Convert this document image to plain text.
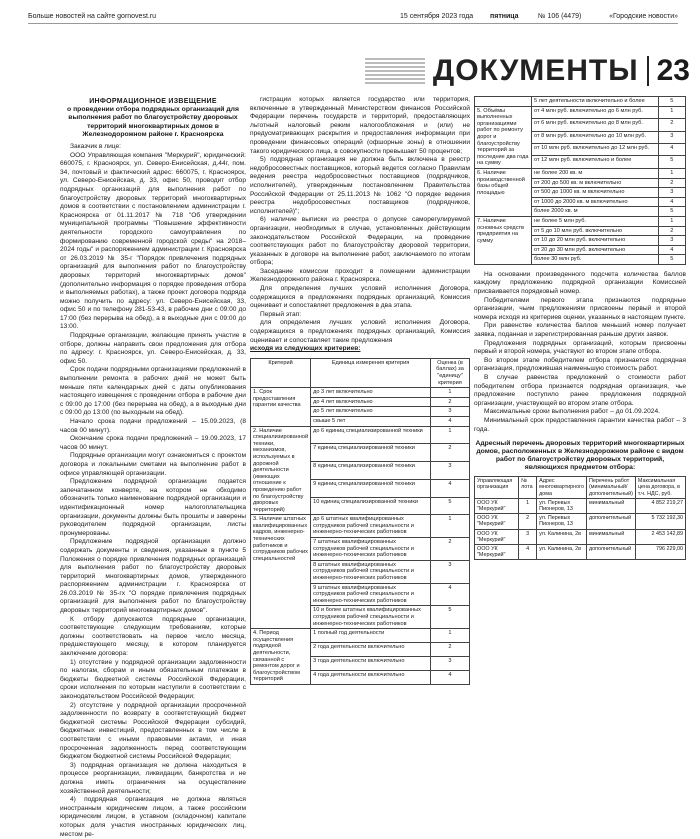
Больше новостей на сайте gornovest.ru	15 сентября 2023 года	пятница	№ 106 (4479)	«Городские новости»
ДОКУМЕНТЫ 23
ИНФОРМАЦИОННОЕ ИЗВЕЩЕНИЕ
о проведении отбора подрядных организаций для выполнения работ по благоустройству дворовых территорий многоквартирных домов в Железнодорожном районе г. Красноярска

Заказчик в лице:

ООО Управляющая компания "Меркурий", юридический: 660075, г. Красноярск, ул. Северо-Енисейская, д.44г, пом. 34, почтовый и фактический адрес: 660075, г. Красноярск, ул. Северо-Енисейская, д. 33, офис 50, проводит отбор подрядных организаций для выполнения работ по благоустройству дворовых территорий многоквартирных домов в соответствии с постановлением администрации г. Красноярска от 01.11.2017 № 718 "Об утверждении муниципальной программы "Повышение эффективности деятельности городского самоуправления по формированию современной городской среды" на 2018–2024 годы" и распоряжением администрации г. Красноярска от 26.03.2019 № 35-г "Порядок привлечения подрядных организаций для выполнения работ по благоустройству дворовых территорий многоквартирных домов" (дополнительно информация о порядке проведения отбора и выполняемых работах), а также проект договора подряда можно получить по адресу: ул. Северо-Енисейская, 33, офис 50 и по телефону 281-53-43, в рабочие дни с 09:00 до 17:00 (без перерыва на обед), а в выходные дни с 09:00 до 13:00.

Подрядные организации, желающие принять участие в отборе, должны направить свои предложения для отбора по адресу: г. Красноярск, ул. Северо-Енисейская, д. 33, офис 50.

Срок подачи подрядными организациями предложений в выполнении ремонта в рабочих дней не может быть меньше пяти календарных дней с даты опубликования настоящего извещения с проведении отбора в рабочие дни с 09:00 до 17:00 (без перерыва на обед), а в выходные дни с 09:00 до 13:00 (по выходным на обед).

Начало срока подачи предложений – 15.09.2023, (8 часов 00 минут).

Окончание срока подачи предложений – 19.09.2023, 17 часов 00 минут.

Подрядные организации могут ознакомиться с проектом договора и локальными сметами на выполнение работ в офисе управляющей организации.

Предложение подрядной организации подается запечатанном конверте, на котором не обходимо обозначить только наименование подрядной организации и идентификационный номер налогоплательщика организации, документы должны быть прошиты и заверены руководителем подрядной организации, листы пронумерованы.

Предложение подрядной организации должно содержать документы и сведения, указанные в пункте 5 Положения о порядке привлечения подрядных организаций для выполнения работ по благоустройству дворовых территорий многоквартирных домов, утвержденного распоряжением администрации г. Красноярска от 26.03.2019 № 35-гх "О порядке привлечения подрядных организаций для выполнения работ по благоустройству дворовых территорий многоквартирных домов".

К отбору допускаются подрядные организации, соответствующие следующим требованиям, которые должны соответствовать на первое число месяца, предшествующего месяцу, в котором планируется заключение договора:

1) отсутствие у подрядной организации задолженности по налогам, сборам и иным обязательным платежам в бюджеты бюджетной системы Российской Федерации, сроки исполнения по которым наступили в соответствии с законодательством Российской Федерации;

2) отсутствие у подрядной организации просроченной задолженности по возврату в соответствующий бюджет бюджетной системы Российской Федерации субсидий, бюджетных инвестиций, предоставленных в том числе в соответствии с иными правовыми актами, и иная просроченная задолженность перед соответствующим бюджетом бюджетной системы Российской Федерации;

3) подрядная организация не должна находиться в процессе реорганизации, ликвидации, банкротства и не должна иметь ограничения на осуществление хозяйственной деятельности;

4) подрядная организация не должна являться иностранным юридическим лицом, а также российским юридическим лицом, в уставном (складочном) капитале которых доля участия иностранных юридических лиц, местом ре-

гистрации которых является государство или территория, включенные в утвержденный Министерством финансов Российской Федерации перечень государств и территорий, предоставляющих льготный налоговый режим налогообложения и (или) не предусматривающих раскрытия и предоставления информации при проведении финансовых операций (офшорные зоны) в отношении такого юридического лица, в совокупности превышает 50 процентов;

5) подрядная организация не должна быть включена в реестр недобросовестных поставщиков, который ведется согласно Правилам ведения реестра недобросовестных поставщиков (подрядчиков, исполнителей), утвержденным постановлением Правительства Российской Федерации от 25.11.2013 № 1062 "О порядке ведения реестра недобросовестных поставщиков (подрядчиков, исполнителей)";

6) наличие выписки из реестра о допуске саморегулируемой организации, необходимых в случае, установленных действующим законодательством Российской Федерации, на проведение соответствующих работ по благоустройству дворовой территории, указанных в договоре на выполнение работ, заключаемого по итогам отбора;

Заседание комиссии проходит в помещении администрации Железнодорожного района г. Красноярска.

Для определения лучших условий исполнения Договора, содержащихся в предложениях подрядных организаций, Комиссия оценивает и сопоставляет предложения в два этапа.

Первый этап:

для определения лучших условий исполнения Договора, содержащихся в предложениях подрядных организаций, Комиссия оценивает и сопоставляет такие предложения

исходя из следующих критериев:

Критерий	Единица измерения критерия	Оценка (в баллах) за "единицу" критерия
1. Срок предоставления гарантии качества	до 3 лет включительно	1
	до 4 лет включительно	2
	до 5 лет включительно	3
	свыше 5 лет	4
2. Наличие специализированной техники, механизмов, используемых в дорожной деятельности (имеющих отношение к проведению работ по благоустройству дворовых территорий)	до 6 единиц специализированной техники	1
	7 единиц специализированной техники	2
	8 единиц специализированной техники	3
	9 единиц специализированной техники	4
	10 единиц специализированной техники	5
3. Наличие штатных квалифицированных кадров, инженерно-технических работников и сотрудников рабочих специальностей	до 6 штатных квалифицированных сотрудников рабочей специальности и инженерно-технических работников	1
	7 штатных квалифицированных сотрудников рабочей специальности и инженерно-технических работников	2
	8 штатных квалифицированных сотрудников рабочей специальности и инженерно-технических работников	3
	9 штатных квалифицированных сотрудников рабочей специальности и инженерно-технических работников	4
	10 и более штатных квалифицированных сотрудников рабочей специальности и инженерно-технических работников	5
4. Период осуществления подрядной деятельности, связанной с ремонтом дорог и благоустройством территорий	1 полный год деятельности	1
	2 года деятельности включительно	2
	3 года деятельности включительно	3
	4 года деятельности включительно	4
	5 лет деятельности включительно и более	5
5. Объёмы выполненных организациями работ по ремонту дорог и благоустройству территорий за последние два года на сумму	от 4 млн руб. включительно до 6 млн руб.	1
	от 6 млн руб. включительно до 8 млн руб.	2
	от 8 млн руб. включительно до 10 млн руб.	3
	от 10 млн руб. включительно до 12 млн руб.	4
	от 12 млн руб. включительно и более	5
6. Наличие производственной базы общей площадью	не более 200 кв. м	1
	от 200 до 500 кв. м включительно	2
	от 500 до 1000 кв. м включительно	3
	от 1000 до 2000 кв. м включительно	4
	более 2000 кв. м	5
7. Наличие основных средств предприятия на сумму	не более 5 млн руб.	1
	от 5 до 10 млн руб. включительно	2
	от 10 до 20 млн руб. включительно	3
	от 20 до 30 млн руб. включительно	4
	более 30 млн руб.	5

На основании произведенного подсчета количества баллов каждому предложению подрядной организации Комиссией присваивается порядковый номер.

Победителями первого этапа признаются подрядные организации, чьим предложениям присвоены первый и второй номера исходя из критериев оценки, указанных в настоящем пункте.

При равенстве количества баллов меньший номер получает заявка, поданная и зарегистрированная раньше других заявок.

Предложения подрядных организаций, которым присвоены первый и второй номера, участвуют во втором этапе отбора.

Во втором этапе победителем отбора признается подрядная организация, предложившая наименьшую стоимость работ.

В случае равенства предложений о стоимости работ победителем отбора признается подрядная организация, чье предложение поступило ранее предложения подрядной организации, участвующей во втором этапе отбора.

Максимальные сроки выполнения работ – до 01.09.2024.

Минимальный срок предоставления гарантии качества работ – 3 года.

Адресный перечень дворовых территорий многоквартирных домов, расположенных в Железнодорожном районе с видом работ по благоустройству дворовых территорий, являющихся предметом отбора:
Управляющая организация	№ лота	Адрес многоквартирного дома	Перечень работ (минимальный/ дополнительный)	Максимальная цена договора, в т.ч. НДС, руб.
ООО УК "Меркурий"	1	ул. Перевых Пионеров, 13	минимальный	4 852 219,27
ООО УК "Меркурий"	2	ул. Перевых Пионеров, 13	дополнительный	5 732 192,30
ООО УК "Меркурий"	3	ул. Калинина, 2в	минимальный	2 453 142,89
ООО УК "Меркурий"	4	ул. Калинина, 2в	дополнительный	796 229,00
